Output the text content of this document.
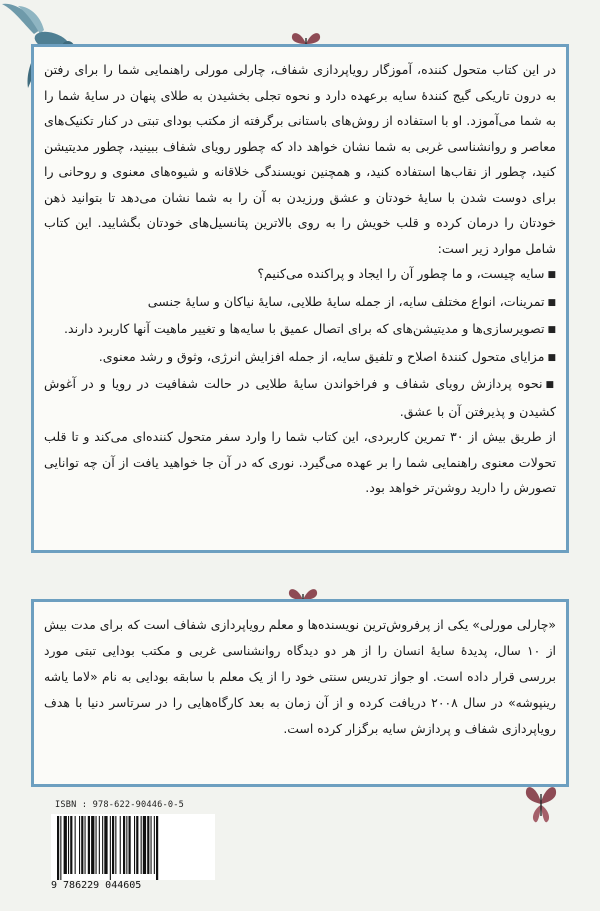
در این کتاب متحول کننده، آموزگار رویاپردازی شفاف، چارلی مورلی راهنمایی شما را برای رفتن به درون تاریکی گیج کنندهٔ سایه برعهده دارد و نحوه تجلی بخشیدن به طلای پنهان در سایهٔ شما را به شما می‌آموزد. او با استفاده از روش‌های باستانی برگرفته از مکتب بودای تبتی در کنار تکنیک‌های معاصر و روانشناسی غربی به شما نشان خواهد داد که چطور رویای شفاف ببینید، چطور مدیتیشن کنید، چطور از نقاب‌ها استفاده کنید، و همچنین نویسندگی خلاقانه و شیوه‌های معنوی و روحانی را برای دوست شدن با سایهٔ خودتان و عشق ورزیدن به آن را به شما نشان می‌دهد تا بتوانید ذهن خودتان را درمان کرده و قلب خویش را به روی بالاترین پتانسیل‌های خودتان بگشایید. این کتاب شامل موارد زیر است:

■ سایه چیست، و ما چطور آن را ایجاد و پراکنده می‌کنیم؟
■ تمرینات، انواع مختلف سایه، از جمله سایهٔ طلایی، سایهٔ نیاکان و سایهٔ جنسی
■ تصویرسازی‌ها و مدیتیشن‌های که برای اتصال عمیق با سایه‌ها و تغییر ماهیت آنها کاربرد دارند.
■ مزایای متحول کنندهٔ اصلاح و تلفیق سایه، از جمله افزایش انرژی، وثوق و رشد معنوی.
■ نحوه پردازش رویای شفاف و فراخواندن سایهٔ طلایی در حالت شفافیت در رویا و در آغوش کشیدن و پذیرفتن آن با عشق.

از طریق بیش از ۳۰ تمرین کاربردی، این کتاب شما را وارد سفر متحول کننده‌ای می‌کند و تا قلب تحولات معنوی راهنمایی شما را بر عهده می‌گیرد. نوری که در آن جا خواهید یافت از آن چه توانایی تصورش را دارید روشن‌تر خواهد بود.

«چارلی مورلی» یکی از پرفروش‌ترین نویسنده‌ها و معلم رویاپردازی شفاف است که برای مدت بیش از ۱۰ سال، پدیدهٔ سایهٔ انسان را از هر دو دیدگاه روانشناسی غربی و مکتب بودایی تبتی مورد بررسی قرار داده است. او جواز تدریس سنتی خود را از یک معلم با سابقه بودایی به نام «لاما یاشه رینپوشه» در سال ۲۰۰۸ دریافت کرده و از آن زمان به بعد کارگاه‌هایی را در سرتاسر دنیا با هدف رویاپردازی شفاف و پردازش سایه برگزار کرده است.

ISBN : 978-622-90446-0-5
9 786229 044605
